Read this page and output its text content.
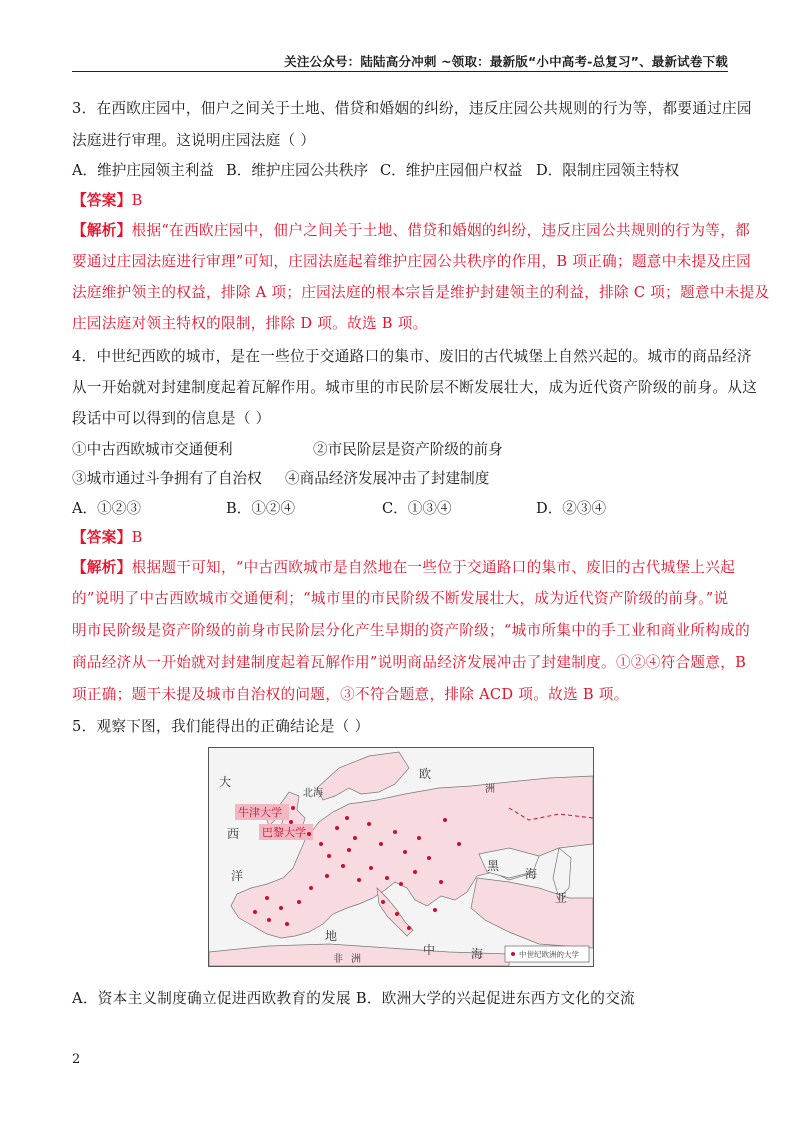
关注公众号：陆陆高分冲刺 ~领取：最新版“小中高考-总复习”、最新试卷下载
3．在西欧庄园中，佃户之间关于土地、借贷和婚姻的纠纷，违反庄园公共规则的行为等，都要通过庄园
法庭进行审理。这说明庄园法庭（ ）
A．维护庄园领主利益 B．维护庄园公共秩序 C．维护庄园佃户权益 D．限制庄园领主特权
【答案】B
【解析】根据“在西欧庄园中，佃户之间关于土地、借贷和婚姻的纠纷，违反庄园公共规则的行为等，都
要通过庄园法庭进行审理”可知，庄园法庭起着维护庄园公共秩序的作用，B 项正确；题意中未提及庄园
法庭维护领主的权益，排除 A 项；庄园法庭的根本宗旨是维护封建领主的利益，排除 C 项；题意中未提及
庄园法庭对领主特权的限制，排除 D 项。故选 B 项。
4．中世纪西欧的城市，是在一些位于交通路口的集市、废旧的古代城堡上自然兴起的。城市的商品经济
从一开始就对封建制度起着瓦解作用。城市里的市民阶层不断发展壮大，成为近代资产阶级的前身。从这
段话中可以得到的信息是（ ）
①中古西欧城市交通便利	②市民阶层是资产阶级的前身
③城市通过斗争拥有了自治权 ④商品经济发展冲击了封建制度
A．①②③	B．①②④	C．①③④	D．②③④
【答案】B
【解析】根据题干可知，“中古西欧城市是自然地在一些位于交通路口的集市、废旧的古代城堡上兴起
的”说明了中古西欧城市交通便利；“城市里的市民阶级不断发展壮大，成为近代资产阶级的前身。”说
明市民阶级是资产阶级的前身市民阶层分化产生早期的资产阶级；“城市所集中的手工业和商业所构成的
商品经济从一开始就对封建制度起着瓦解作用”说明商品经济发展冲击了封建制度。①②④符合题意，B
项正确；题干未提及城市自治权的问题，③不符合题意，排除 ACD 项。故选 B 项。
5．观察下图，我们能得出的正确结论是（ ）
牛津大学
巴黎大学
大
西
洋
北海
欧
洲
黑
海
亚
地
中	海
非 洲	中世纪欧洲的大学
A．资本主义制度确立促进西欧教育的发展 B．欧洲大学的兴起促进东西方文化的交流
2
